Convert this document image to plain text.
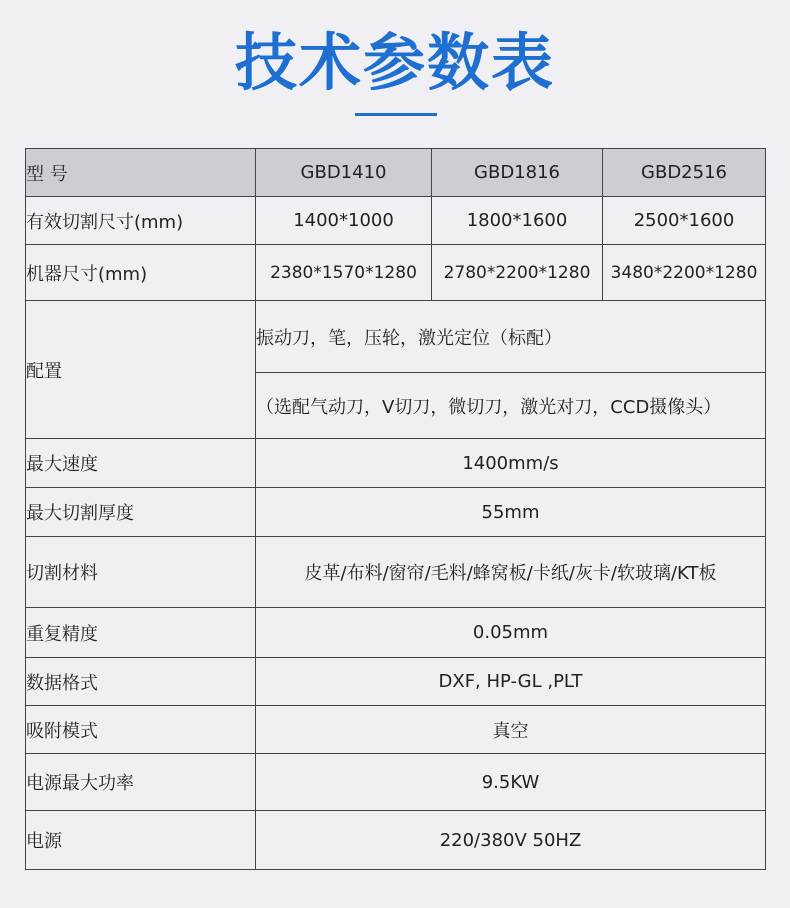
技术参数表
型 号	GBD1410	GBD1816	GBD2516
有效切割尺寸(mm)	1400*1000	1800*1600	2500*1600
机器尺寸(mm)	2380*1570*1280	2780*2200*1280	3480*2200*1280
配置	振动刀，笔，压轮，激光定位（标配）		
	（选配气动刀，V切刀，微切刀，激光对刀，CCD摄像头）		
最大速度	1400mm/s		
最大切割厚度	55mm		
切割材料	皮革/布料/窗帘/毛料/蜂窝板/卡纸/灰卡/软玻璃/KT板		
重复精度	0.05mm		
数据格式	DXF, HP-GL ,PLT		
吸附模式	真空		
电源最大功率	9.5KW		
电源	220/380V 50HZ		
